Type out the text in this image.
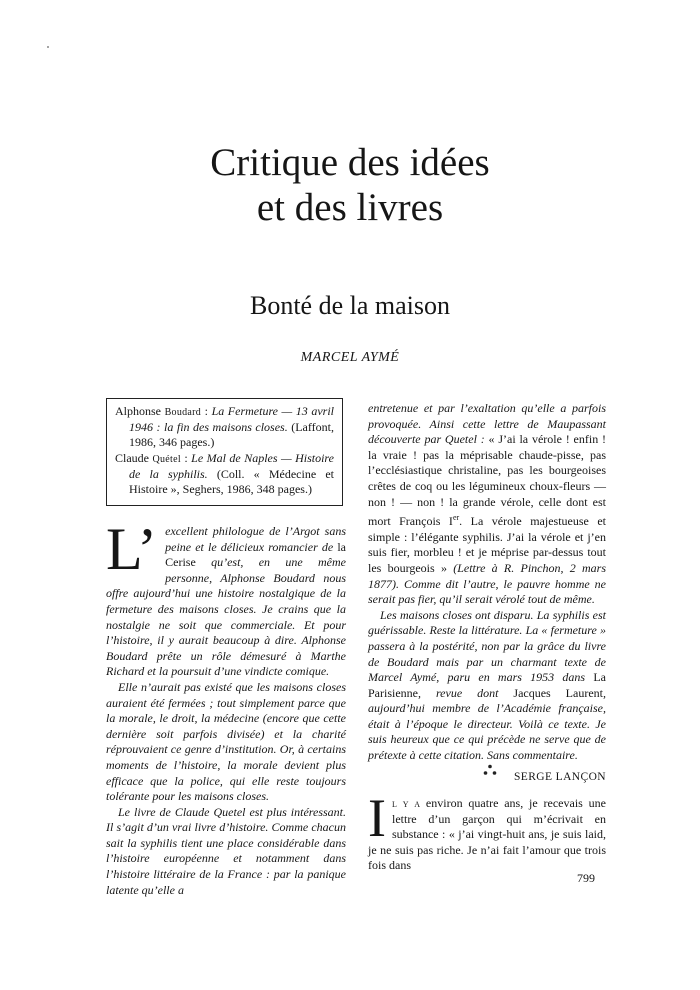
Critique des idées
et des livres
Bonté de la maison
MARCEL AYMÉ

Alphonse Boudard : La Fermeture — 13 avril 1946 : la fin des maisons closes. (Laffont, 1986, 346 pages.)

Claude Quétel : Le Mal de Naples — Histoire de la syphilis. (Coll. « Médecine et Histoire », Seghers, 1986, 348 pages.)

L’ excellent philologue de l’Argot sans peine et le délicieux romancier de la Cerise qu’est, en une même personne, Alphonse Boudard nous offre aujourd’hui une histoire nostalgique de la fermeture des maisons closes. Je crains que la nostalgie ne soit que commerciale. Et pour l’histoire, il y aurait beaucoup à dire. Alphonse Boudard prête un rôle démesuré à Marthe Richard et la poursuit d’une vindicte comique.

Elle n’aurait pas existé que les maisons closes auraient été fermées ; tout simplement parce que la morale, le droit, la médecine (encore que cette dernière soit parfois divisée) et la charité réprouvaient ce genre d’institution. Or, à certains moments de l’histoire, la morale devient plus efficace que la police, qui elle reste toujours tolérante pour les maisons closes.

Le livre de Claude Quetel est plus intéressant. Il s’agit d’un vrai livre d’histoire. Comme chacun sait la syphilis tient une place considérable dans l’histoire européenne et notamment dans l’histoire littéraire de la France : par la panique latente qu’elle a

entretenue et par l’exaltation qu’elle a parfois provoquée. Ainsi cette lettre de Maupassant découverte par Quetel : « J’ai la vérole ! enfin ! la vraie ! pas la méprisable chaude-pisse, pas l’ecclésiastique christaline, pas les bourgeoises crêtes de coq ou les légumineux choux-fleurs — non ! — non ! la grande vérole, celle dont est mort François Ier. La vérole majestueuse et simple : l’élégante syphilis. J’ai la vérole et j’en suis fier, morbleu ! et je méprise par-dessus tout les bourgeois » (Lettre à R. Pinchon, 2 mars 1877). Comme dit l’autre, le pauvre homme ne serait pas fier, qu’il serait vérolé tout de même.

Les maisons closes ont disparu. La syphilis est guérissable. Reste la littérature. La « fermeture » passera à la postérité, non par la grâce du livre de Boudard mais par un charmant texte de Marcel Aymé, paru en mars 1953 dans La Parisienne, revue dont Jacques Laurent, aujourd’hui membre de l’Académie française, était à l’époque le directeur. Voilà ce texte. Je suis heureux que ce qui précède ne serve que de prétexte à cette citation. Sans commentaire.

SERGE LANÇON

Il y a environ quatre ans, je recevais une lettre d’un garçon qui m’écrivait en substance : « j’ai vingt-huit ans, je suis laid, je ne suis pas riche. Je n’ai fait l’amour que trois fois dans

799
